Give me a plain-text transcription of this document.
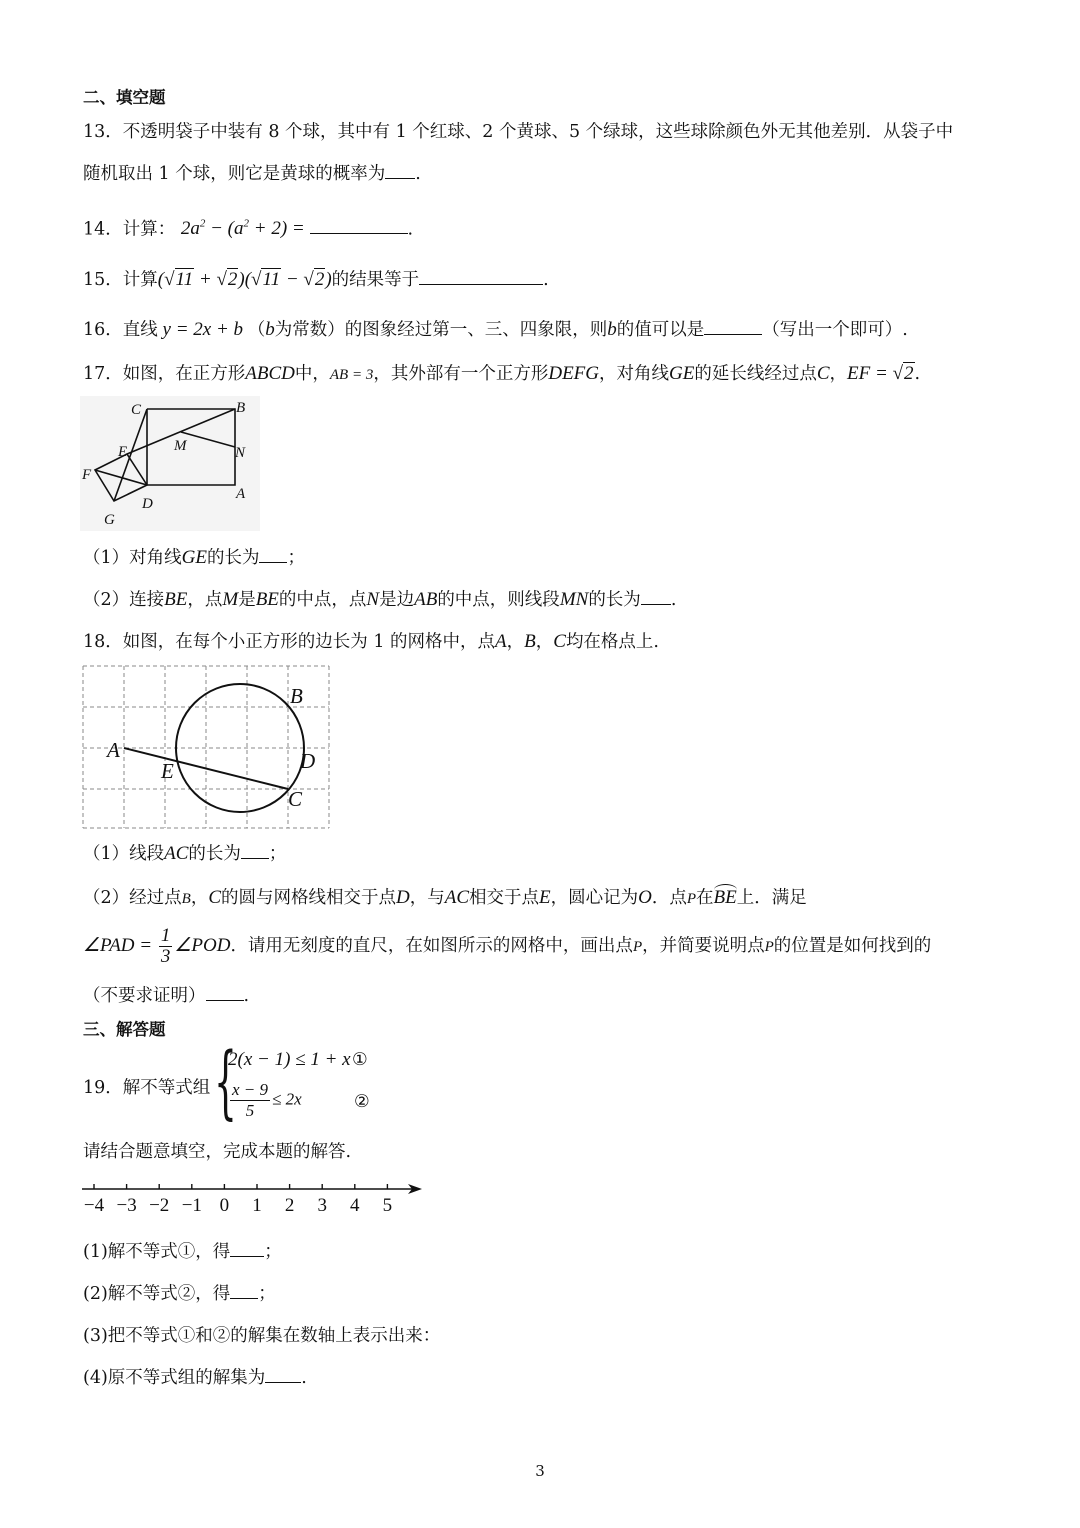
二、填空题
13．不透明袋子中装有 8 个球，其中有 1 个红球、2 个黄球、5 个绿球，这些球除颜色外无其他差别．从袋子中
随机取出 1 个球，则它是黄球的概率为 .
14．计算： $2a^2 - (a^2 + 2)$ =	.
15．计算(√11 + √2)(√11 − √2)的结果等于	.
16．直线 y = 2x + b （b为常数）的图象经过第一、三、四象限，则b的值可以是	（写出一个即可）.
17．如图，在正方形ABCD中，AB = 3，其外部有一个正方形DEFG，对角线GE的延长线经过点C，EF = √2.
C	B
E	M	N
F
D
A
G
（1）对角线GE的长为 ；
（2）连接BE，点M是BE的中点，点N是边AB的中点，则线段MN的长为 .
18．如图，在每个小正方形的边长为 1 的网格中，点A，B，C均在格点上.
B
A	D
E
C
（1）线段AC的长为 ；
（2）经过点B，C的圆与网格线相交于点D，与AC相交于点E，圆心记为O．点P在BE上．满足
∠PAD = $\frac{1}{3}$ ∠POD．请用无刻度的直尺，在如图所示的网格中，画出点P，并简要说明点P的位置是如何找到的
（不要求证明） .
三、解答题
19．解不等式组 {
2(x − 1) ≤ 1 + x ①
$\frac{x - 9}{5} \le 2x$	②
请结合题意填空，完成本题的解答.
−4 −3 −2 −1 0 1 2 3 4 5
(1)解不等式①，得 ；
(2)解不等式②，得 ；
(3)把不等式①和②的解集在数轴上表示出来：
(4)原不等式组的解集为 .
3
